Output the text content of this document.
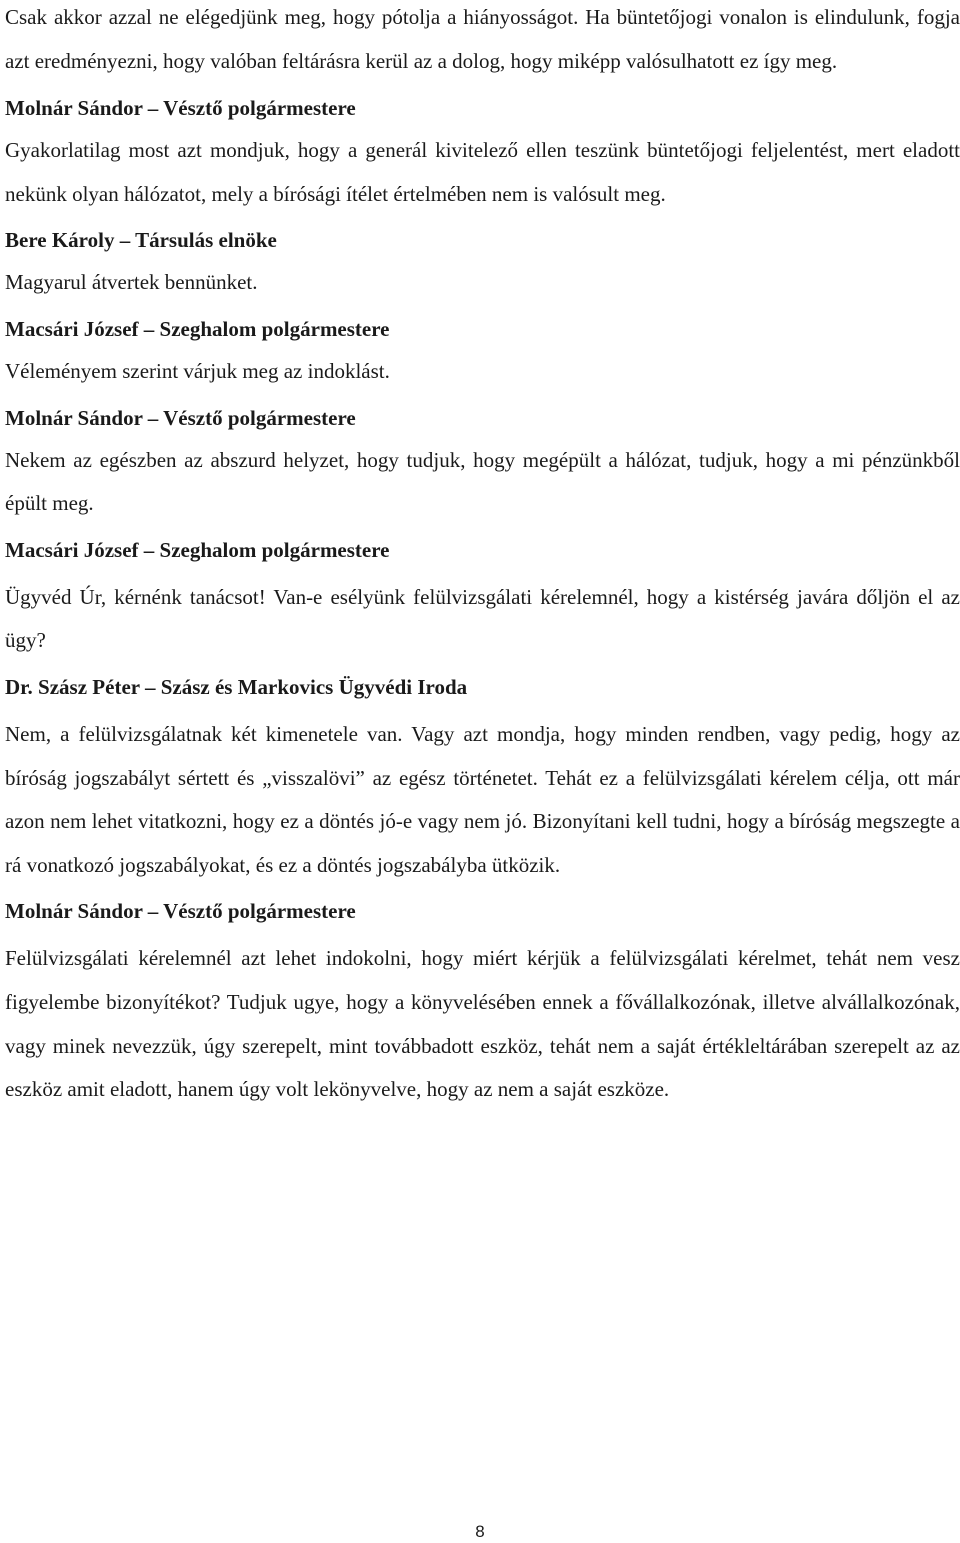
Csak akkor azzal ne elégedjünk meg, hogy pótolja a hiányosságot. Ha büntetőjogi vonalon is elindulunk, fogja azt eredményezni, hogy valóban feltárásra kerül az a dolog, hogy miképp valósulhatott ez így meg.

Molnár Sándor – Vésztő polgármestere

Gyakorlatilag most azt mondjuk, hogy a generál kivitelező ellen teszünk büntetőjogi feljelentést, mert eladott nekünk olyan hálózatot, mely a bírósági ítélet értelmében nem is valósult meg.

Bere Károly – Társulás elnöke

Magyarul átvertek bennünket.

Macsári József – Szeghalom polgármestere

Véleményem szerint várjuk meg az indoklást.

Molnár Sándor – Vésztő polgármestere

Nekem az egészben az abszurd helyzet, hogy tudjuk, hogy megépült a hálózat, tudjuk, hogy a mi pénzünkből épült meg.

Macsári József – Szeghalom polgármestere

Ügyvéd Úr, kérnénk tanácsot! Van-e esélyünk felülvizsgálati kérelemnél, hogy a kistérség javára dőljön el az ügy?

Dr. Szász Péter – Szász és Markovics Ügyvédi Iroda

Nem, a felülvizsgálatnak két kimenetele van. Vagy azt mondja, hogy minden rendben, vagy pedig, hogy az bíróság jogszabályt sértett és „visszalövi” az egész történetet. Tehát ez a felülvizsgálati kérelem célja, ott már azon nem lehet vitatkozni, hogy ez a döntés jó-e vagy nem jó. Bizonyítani kell tudni, hogy a bíróság megszegte a rá vonatkozó jogszabályokat, és ez a döntés jogszabályba ütközik.

Molnár Sándor – Vésztő polgármestere

Felülvizsgálati kérelemnél azt lehet indokolni, hogy miért kérjük a felülvizsgálati kérelmet, tehát nem vesz figyelembe bizonyítékot? Tudjuk ugye, hogy a könyvelésében ennek a fővállalkozónak, illetve alvállalkozónak, vagy minek nevezzük, úgy szerepelt, mint továbbadott eszköz, tehát nem a saját értékleltárában szerepelt az az eszköz amit eladott, hanem úgy volt lekönyvelve, hogy az nem a saját eszköze.

8
